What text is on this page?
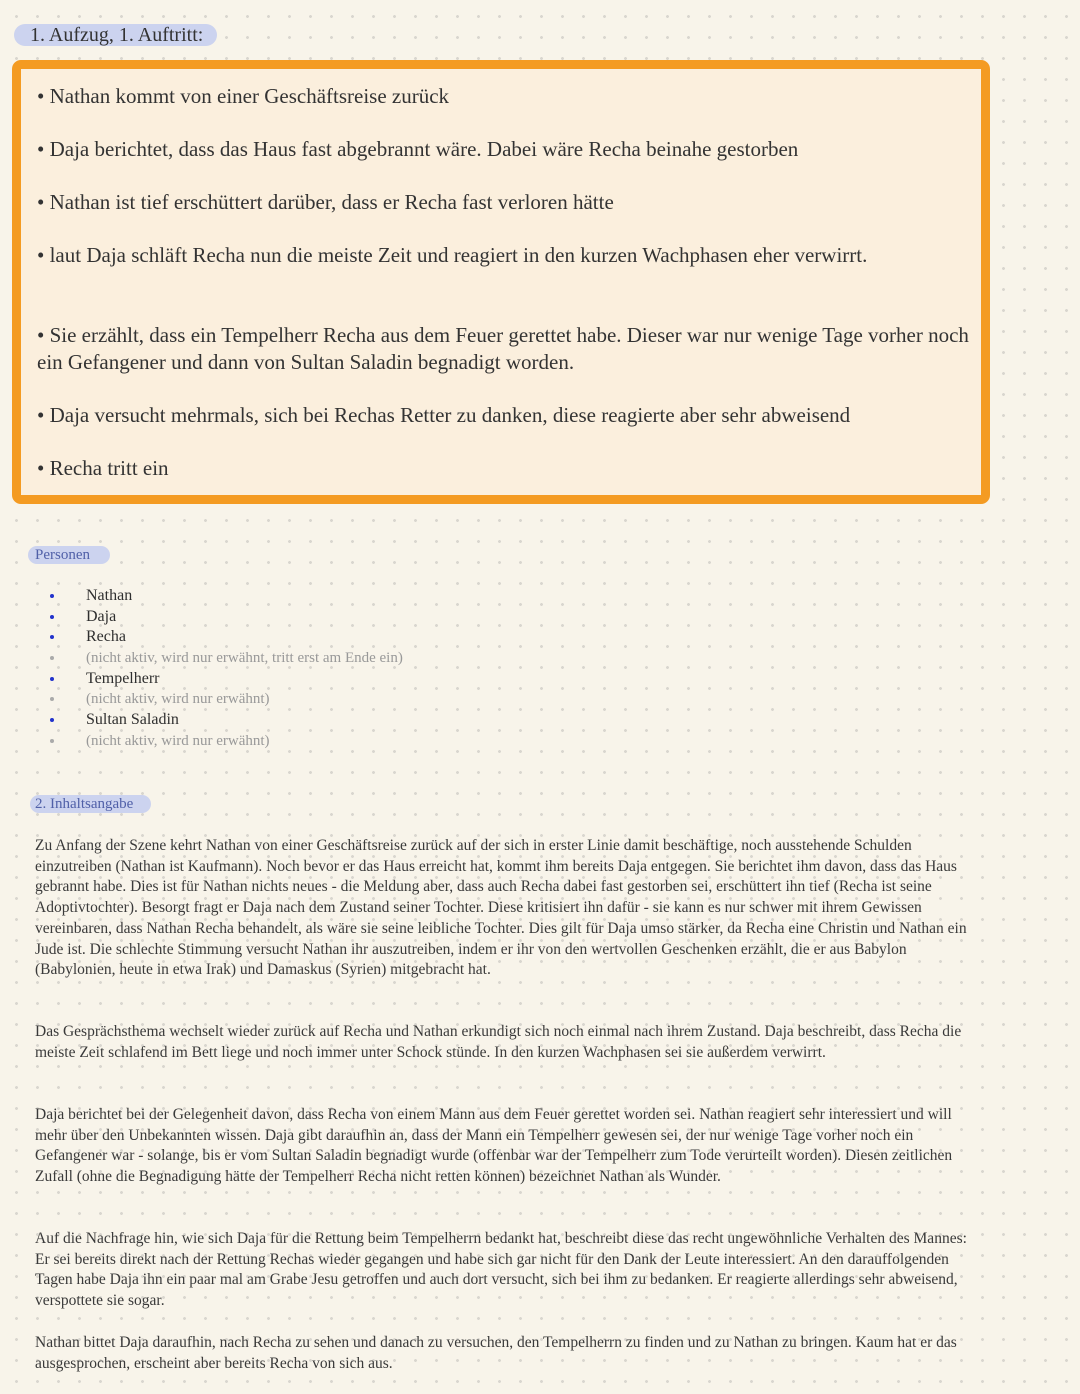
1. Aufzug, 1. Auftritt:
• Nathan kommt von einer Geschäftsreise zurück
• Daja berichtet, dass das Haus fast abgebrannt wäre. Dabei wäre Recha beinahe gestorben
• Nathan ist tief erschüttert darüber, dass er Recha fast verloren hätte
• laut Daja schläft Recha nun die meiste Zeit und reagiert in den kurzen Wachphasen eher verwirrt.
• Sie erzählt, dass ein Tempelherr Recha aus dem Feuer gerettet habe. Dieser war nur wenige Tage vorher noch ein Gefangener und dann von Sultan Saladin begnadigt worden.
• Daja versucht mehrmals, sich bei Rechas Retter zu danken, diese reagierte aber sehr abweisend
• Recha tritt ein
Personen
Nathan
Daja
Recha
(nicht aktiv, wird nur erwähnt, tritt erst am Ende ein)
Tempelherr
(nicht aktiv, wird nur erwähnt)
Sultan Saladin
(nicht aktiv, wird nur erwähnt)
2. Inhaltsangabe

Zu Anfang der Szene kehrt Nathan von einer Geschäftsreise zurück auf der sich in erster Linie damit beschäftige, noch ausstehende Schulden einzutreiben (Nathan ist Kaufmann). Noch bevor er das Haus erreicht hat, kommt ihm bereits Daja entgegen. Sie berichtet ihm davon, dass das Haus gebrannt habe. Dies ist für Nathan nichts neues - die Meldung aber, dass auch Recha dabei fast gestorben sei, erschüttert ihn tief (Recha ist seine Adoptivtochter). Besorgt fragt er Daja nach dem Zustand seiner Tochter. Diese kritisiert ihn dafür - sie kann es nur schwer mit ihrem Gewissen vereinbaren, dass Nathan Recha behandelt, als wäre sie seine leibliche Tochter. Dies gilt für Daja umso stärker, da Recha eine Christin und Nathan ein Jude ist. Die schlechte Stimmung versucht Nathan ihr auszutreiben, indem er ihr von den wertvollen Geschenken erzählt, die er aus Babylon (Babylonien, heute in etwa Irak) und Damaskus (Syrien) mitgebracht hat.

Das Gesprächsthema wechselt wieder zurück auf Recha und Nathan erkundigt sich noch einmal nach ihrem Zustand. Daja beschreibt, dass Recha die meiste Zeit schlafend im Bett liege und noch immer unter Schock stünde. In den kurzen Wachphasen sei sie außerdem verwirrt.

Daja berichtet bei der Gelegenheit davon, dass Recha von einem Mann aus dem Feuer gerettet worden sei. Nathan reagiert sehr interessiert und will mehr über den Unbekannten wissen. Daja gibt daraufhin an, dass der Mann ein Tempelherr gewesen sei, der nur wenige Tage vorher noch ein Gefangener war - solange, bis er vom Sultan Saladin begnadigt wurde (offenbar war der Tempelherr zum Tode verurteilt worden). Diesen zeitlichen Zufall (ohne die Begnadigung hätte der Tempelherr Recha nicht retten können) bezeichnet Nathan als Wunder.

Auf die Nachfrage hin, wie sich Daja für die Rettung beim Tempelherrn bedankt hat, beschreibt diese das recht ungewöhnliche Verhalten des Mannes: Er sei bereits direkt nach der Rettung Rechas wieder gegangen und habe sich gar nicht für den Dank der Leute interessiert. An den darauffolgenden Tagen habe Daja ihn ein paar mal am Grabe Jesu getroffen und auch dort versucht, sich bei ihm zu bedanken. Er reagierte allerdings sehr abweisend, verspottete sie sogar.

Nathan bittet Daja daraufhin, nach Recha zu sehen und danach zu versuchen, den Tempelherrn zu finden und zu Nathan zu bringen. Kaum hat er das ausgesprochen, erscheint aber bereits Recha von sich aus.
